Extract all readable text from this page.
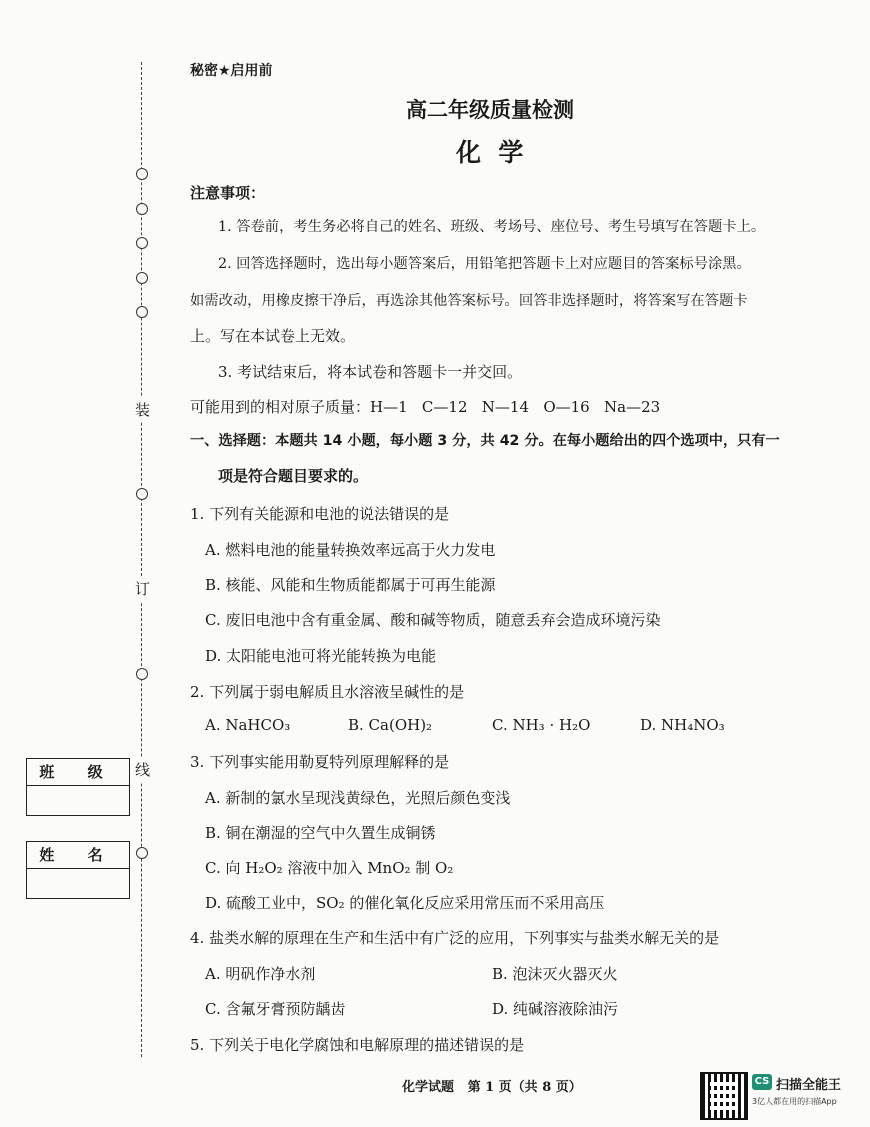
装
订
线
班 级
姓 名
秘密★启用前
高二年级质量检测
化  学
注意事项：
1. 答卷前，考生务必将自己的姓名、班级、考场号、座位号、考生号填写在答题卡上。
2. 回答选择题时，选出每小题答案后，用铅笔把答题卡上对应题目的答案标号涂黑。
如需改动，用橡皮擦干净后，再选涂其他答案标号。回答非选择题时，将答案写在答题卡
上。写在本试卷上无效。
3. 考试结束后，将本试卷和答题卡一并交回。
可能用到的相对原子质量：H—1   C—12   N—14   O—16   Na—23
一、选择题：本题共 14 小题，每小题 3 分，共 42 分。在每小题给出的四个选项中，只有一
项是符合题目要求的。
1. 下列有关能源和电池的说法错误的是
A. 燃料电池的能量转换效率远高于火力发电
B. 核能、风能和生物质能都属于可再生能源
C. 废旧电池中含有重金属、酸和碱等物质，随意丢弃会造成环境污染
D. 太阳能电池可将光能转换为电能
2. 下列属于弱电解质且水溶液呈碱性的是
A. NaHCO₃	B. Ca(OH)₂	C. NH₃ · H₂O	D. NH₄NO₃
3. 下列事实能用勒夏特列原理解释的是
A. 新制的氯水呈现浅黄绿色，光照后颜色变浅
B. 铜在潮湿的空气中久置生成铜锈
C. 向 H₂O₂ 溶液中加入 MnO₂ 制 O₂
D. 硫酸工业中，SO₂ 的催化氧化反应采用常压而不采用高压
4. 盐类水解的原理在生产和生活中有广泛的应用，下列事实与盐类水解无关的是
A. 明矾作净水剂	B. 泡沫灭火器灭火
C. 含氟牙膏预防龋齿	D. 纯碱溶液除油污
5. 下列关于电化学腐蚀和电解原理的描述错误的是
化学试题   第 1 页（共 8 页）	CS 扫描全能王
3亿人都在用的扫描App
